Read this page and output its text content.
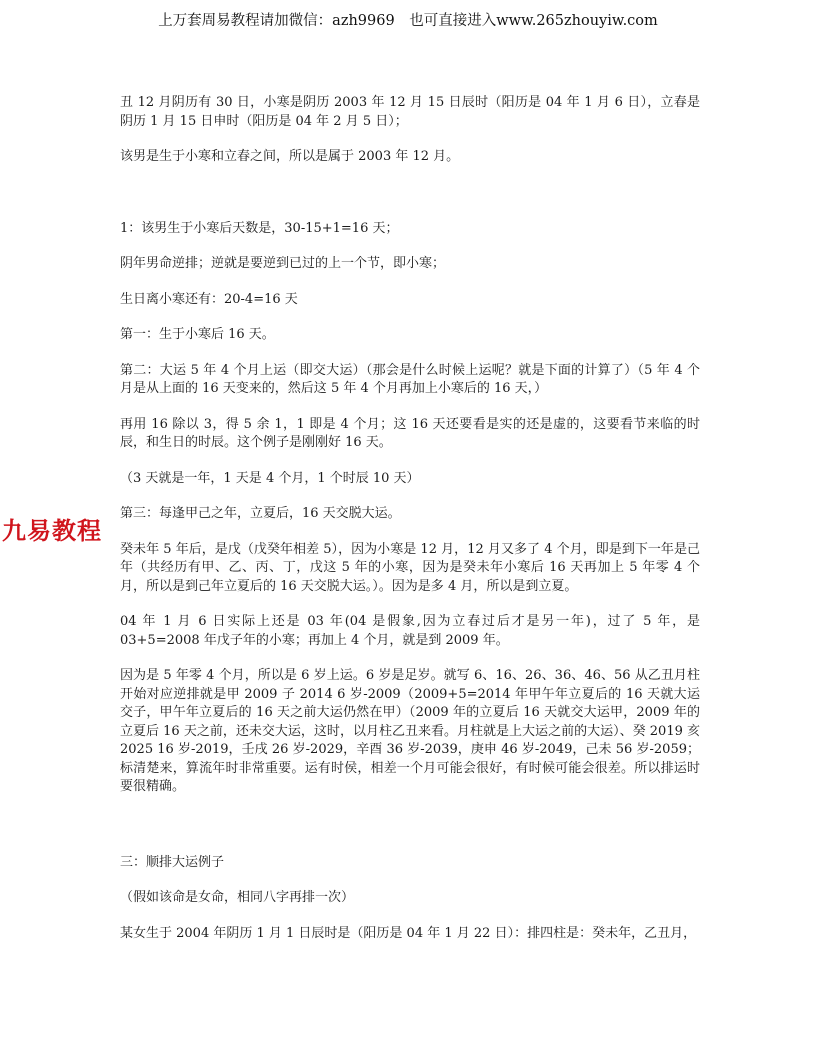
上万套周易教程请加微信：azh9969　也可直接进入www.265zhouyiw.com
九易教程

丑 12 月阴历有 30 日，小寒是阴历 2003 年 12 月 15 日辰时（阳历是 04 年 1 月 6 日），立春是阴历 1 月 15 日申时（阳历是 04 年 2 月 5 日）；

该男是生于小寒和立春之间，所以是属于 2003 年 12 月。

1：该男生于小寒后天数是，30-15+1=16 天；

阴年男命逆排；逆就是要逆到已过的上一个节，即小寒；

生日离小寒还有：20-4=16 天

第一：生于小寒后 16 天。

第二：大运 5 年 4 个月上运（即交大运）（那会是什么时候上运呢？就是下面的计算了）（5 年 4 个月是从上面的 16 天变来的，然后这 5 年 4 个月再加上小寒后的 16 天，）

再用 16 除以 3，得 5 余 1，1 即是 4 个月；这 16 天还要看是实的还是虚的，这要看节来临的时辰，和生日的时辰。这个例子是刚刚好 16 天。

（3 天就是一年，1 天是 4 个月，1 个时辰 10 天）

第三：每逢甲己之年，立夏后，16 天交脱大运。

癸未年 5 年后，是戊（戊癸年相差 5），因为小寒是 12 月，12 月又多了 4 个月，即是到下一年是己年（共经历有甲、乙、丙、丁，戊这 5 年的小寒，因为是癸未年小寒后 16 天再加上 5 年零 4 个月，所以是到己年立夏后的 16 天交脱大运。）。因为是多 4 月，所以是到立夏。

04 年 1 月 6 日实际上还是 03 年(04 是假象,因为立春过后才是另一年)，过了 5 年，是 03+5=2008 年戊子年的小寒；再加上 4 个月，就是到 2009 年。

因为是 5 年零 4 个月，所以是 6 岁上运。6 岁是足岁。就写 6、16、26、36、46、56 从乙丑月柱开始对应逆排就是甲 2009 子 2014 6 岁-2009（2009+5=2014 年甲午年立夏后的 16 天就大运交子，甲午年立夏后的 16 天之前大运仍然在甲）（2009 年的立夏后 16 天就交大运甲，2009 年的立夏后 16 天之前，还未交大运，这时，以月柱乙丑来看。月柱就是上大运之前的大运）、癸 2019 亥 2025 16 岁-2019，壬戌 26 岁-2029，辛酉 36 岁-2039，庚申 46 岁-2049，己未 56 岁-2059；标清楚来，算流年时非常重要。运有时侯，相差一个月可能会很好，有时候可能会很差。所以排运时要很精确。

三：顺排大运例子

（假如该命是女命，相同八字再排一次）

某女生于 2004 年阴历 1 月 1 日辰时是（阳历是 04 年 1 月 22 日）：排四柱是：癸未年，乙丑月，
